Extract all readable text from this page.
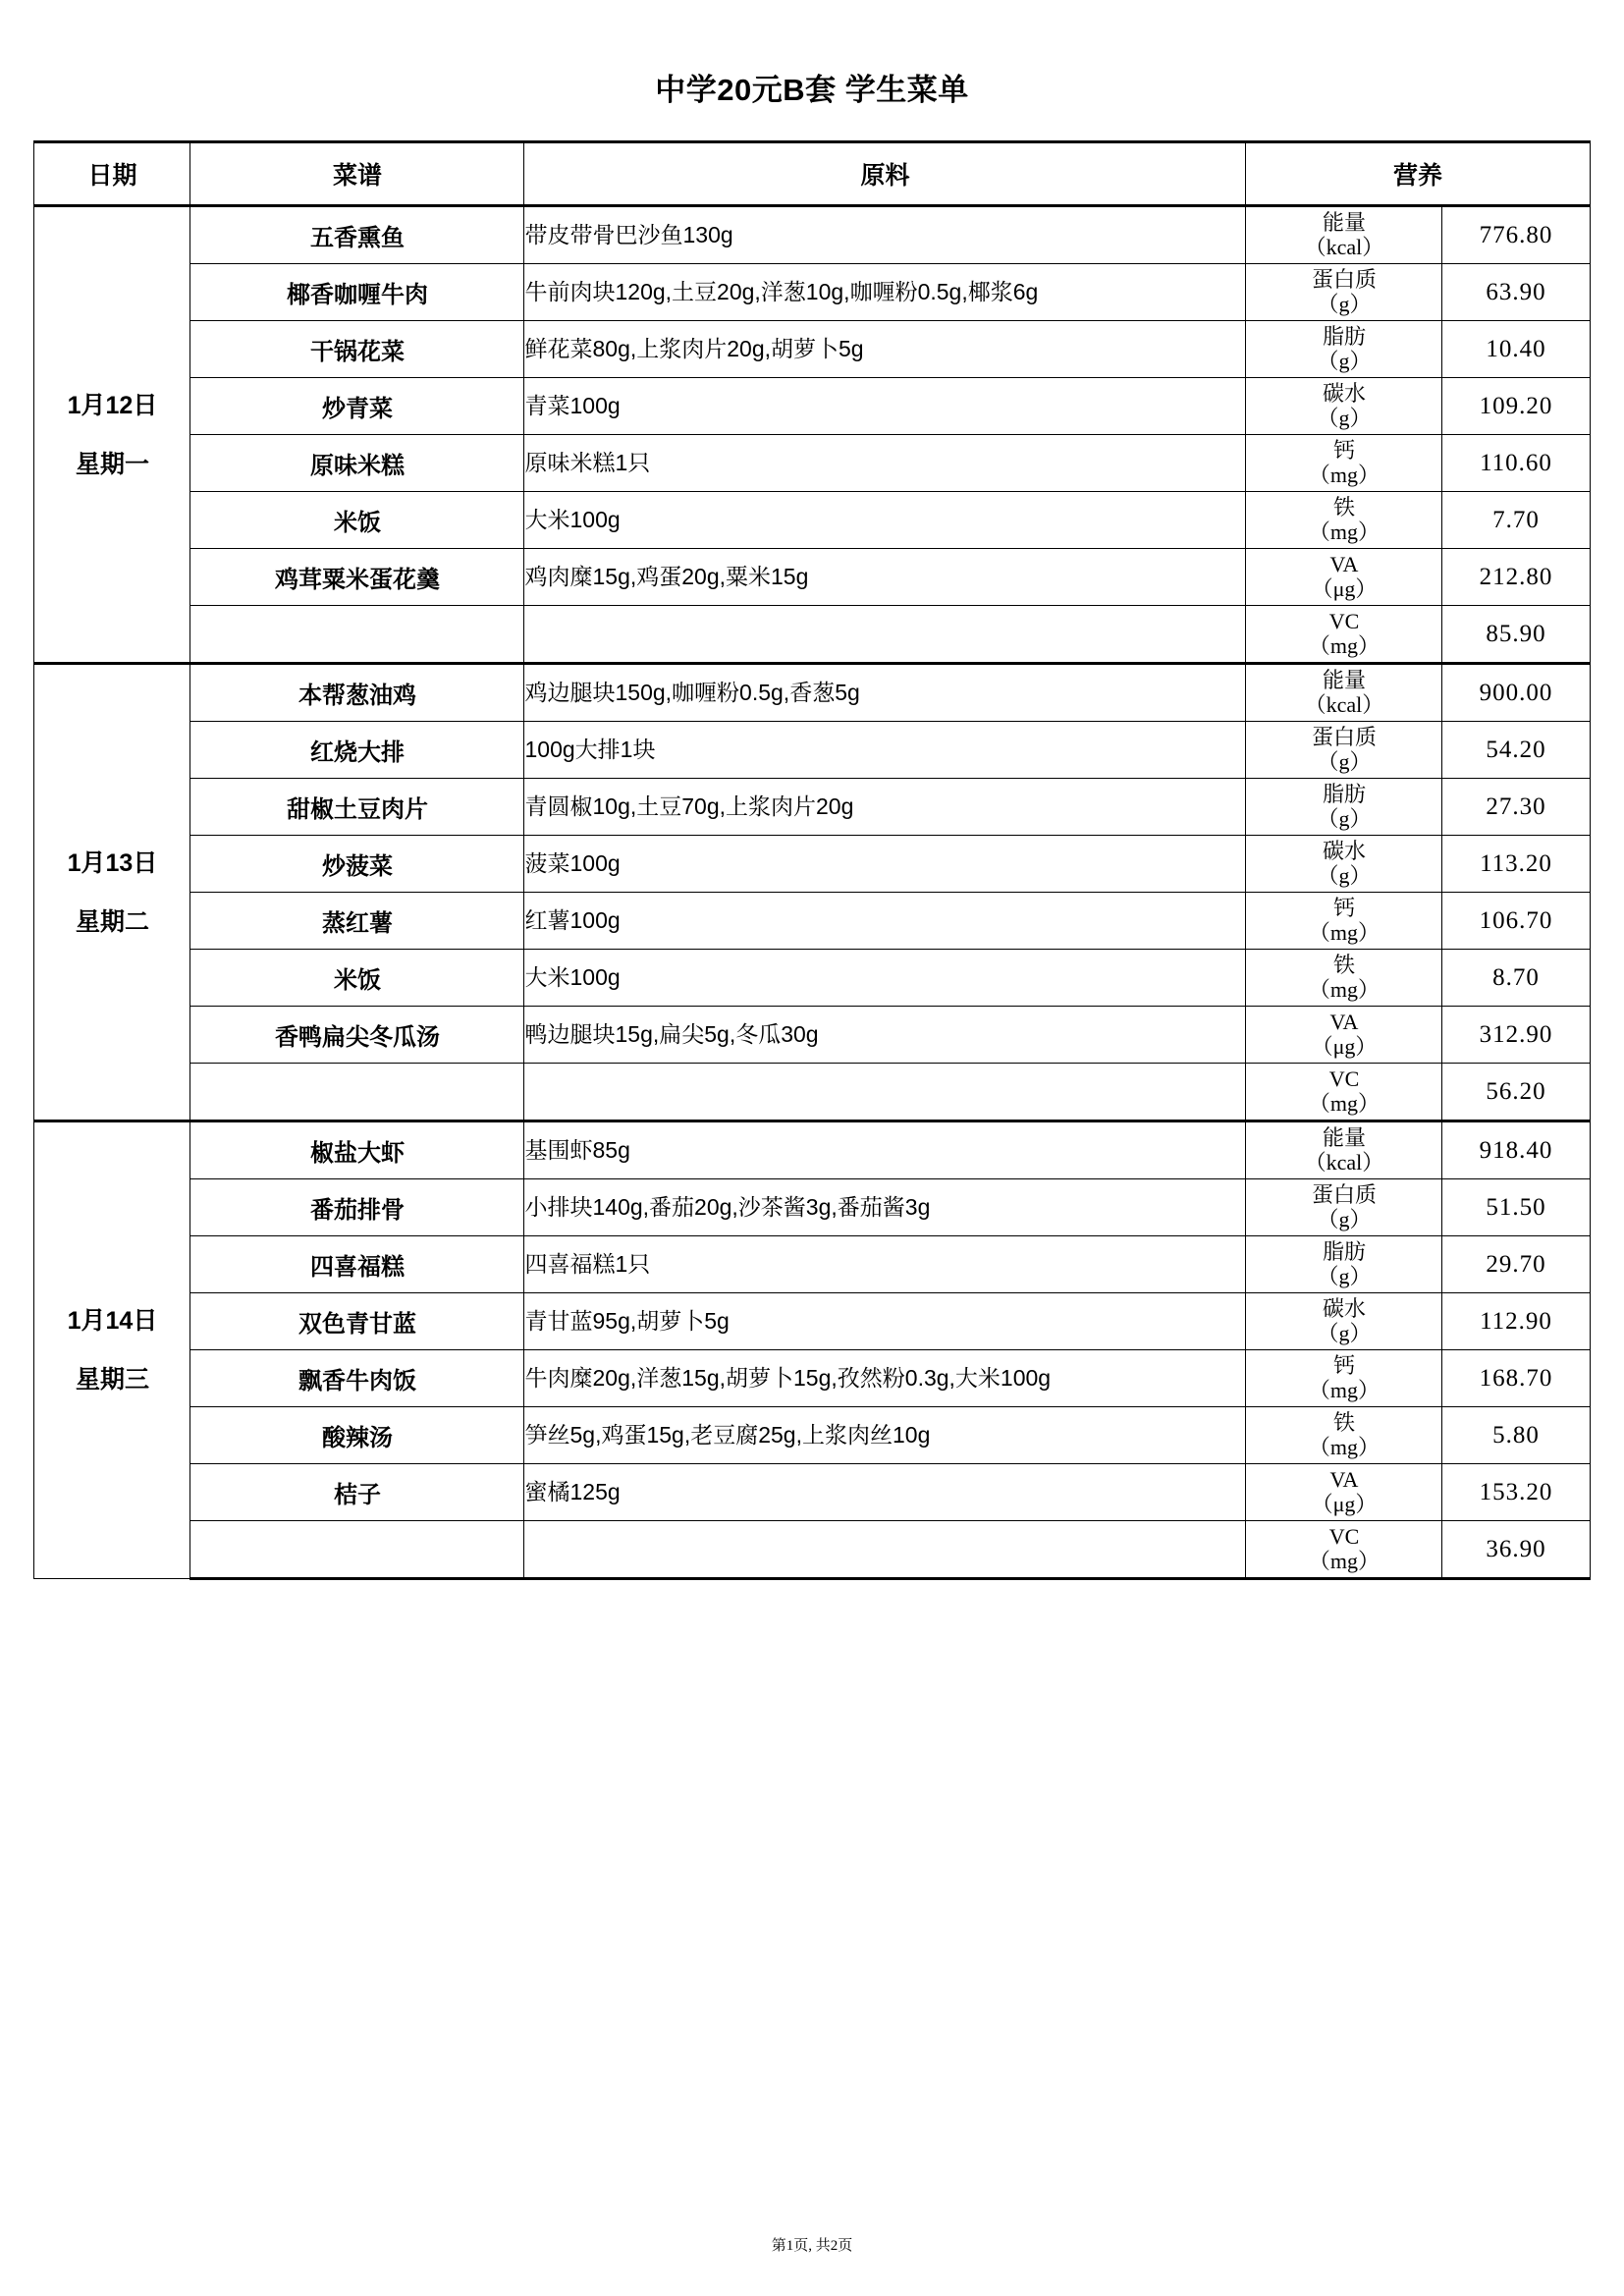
中学20元B套 学生菜单
日期	菜谱	原料	营养	

1月12日
星期一
	五香熏鱼	带皮带骨巴沙鱼130g	能量
（kcal）	776.80
	椰香咖喱牛肉	牛前肉块120g,土豆20g,洋葱10g,咖喱粉0.5g,椰浆6g	蛋白质
（g）	63.90
	干锅花菜	鲜花菜80g,上浆肉片20g,胡萝卜5g	脂肪
（g）	10.40
	炒青菜	青菜100g	碳水
（g）	109.20
	原味米糕	原味米糕1只	钙
（mg）	110.60
	米饭	大米100g	铁
（mg）	7.70
	鸡茸粟米蛋花羹	鸡肉糜15g,鸡蛋20g,粟米15g	VA
（μg）	212.80

			VC
（mg）	85.90

1月13日
星期二
	本帮葱油鸡	鸡边腿块150g,咖喱粉0.5g,香葱5g	能量
（kcal）	900.00
	红烧大排	100g大排1块	蛋白质
（g）	54.20
	甜椒土豆肉片	青圆椒10g,土豆70g,上浆肉片20g	脂肪
（g）	27.30
	炒菠菜	菠菜100g	碳水
（g）	113.20
	蒸红薯	红薯100g	钙
（mg）	106.70
	米饭	大米100g	铁
（mg）	8.70
	香鸭扁尖冬瓜汤	鸭边腿块15g,扁尖5g,冬瓜30g	VA
（μg）	312.90

			VC
（mg）	56.20

1月14日
星期三
	椒盐大虾	基围虾85g	能量
（kcal）	918.40
	番茄排骨	小排块140g,番茄20g,沙茶酱3g,番茄酱3g	蛋白质
（g）	51.50
	四喜福糕	四喜福糕1只	脂肪
（g）	29.70
	双色青甘蓝	青甘蓝95g,胡萝卜5g	碳水
（g）	112.90
	飘香牛肉饭	牛肉糜20g,洋葱15g,胡萝卜15g,孜然粉0.3g,大米100g	钙
（mg）	168.70
	酸辣汤	笋丝5g,鸡蛋15g,老豆腐25g,上浆肉丝10g	铁
（mg）	5.80
	桔子	蜜橘125g	VA
（μg）	153.20

			VC
（mg）	36.90
第1页, 共2页
